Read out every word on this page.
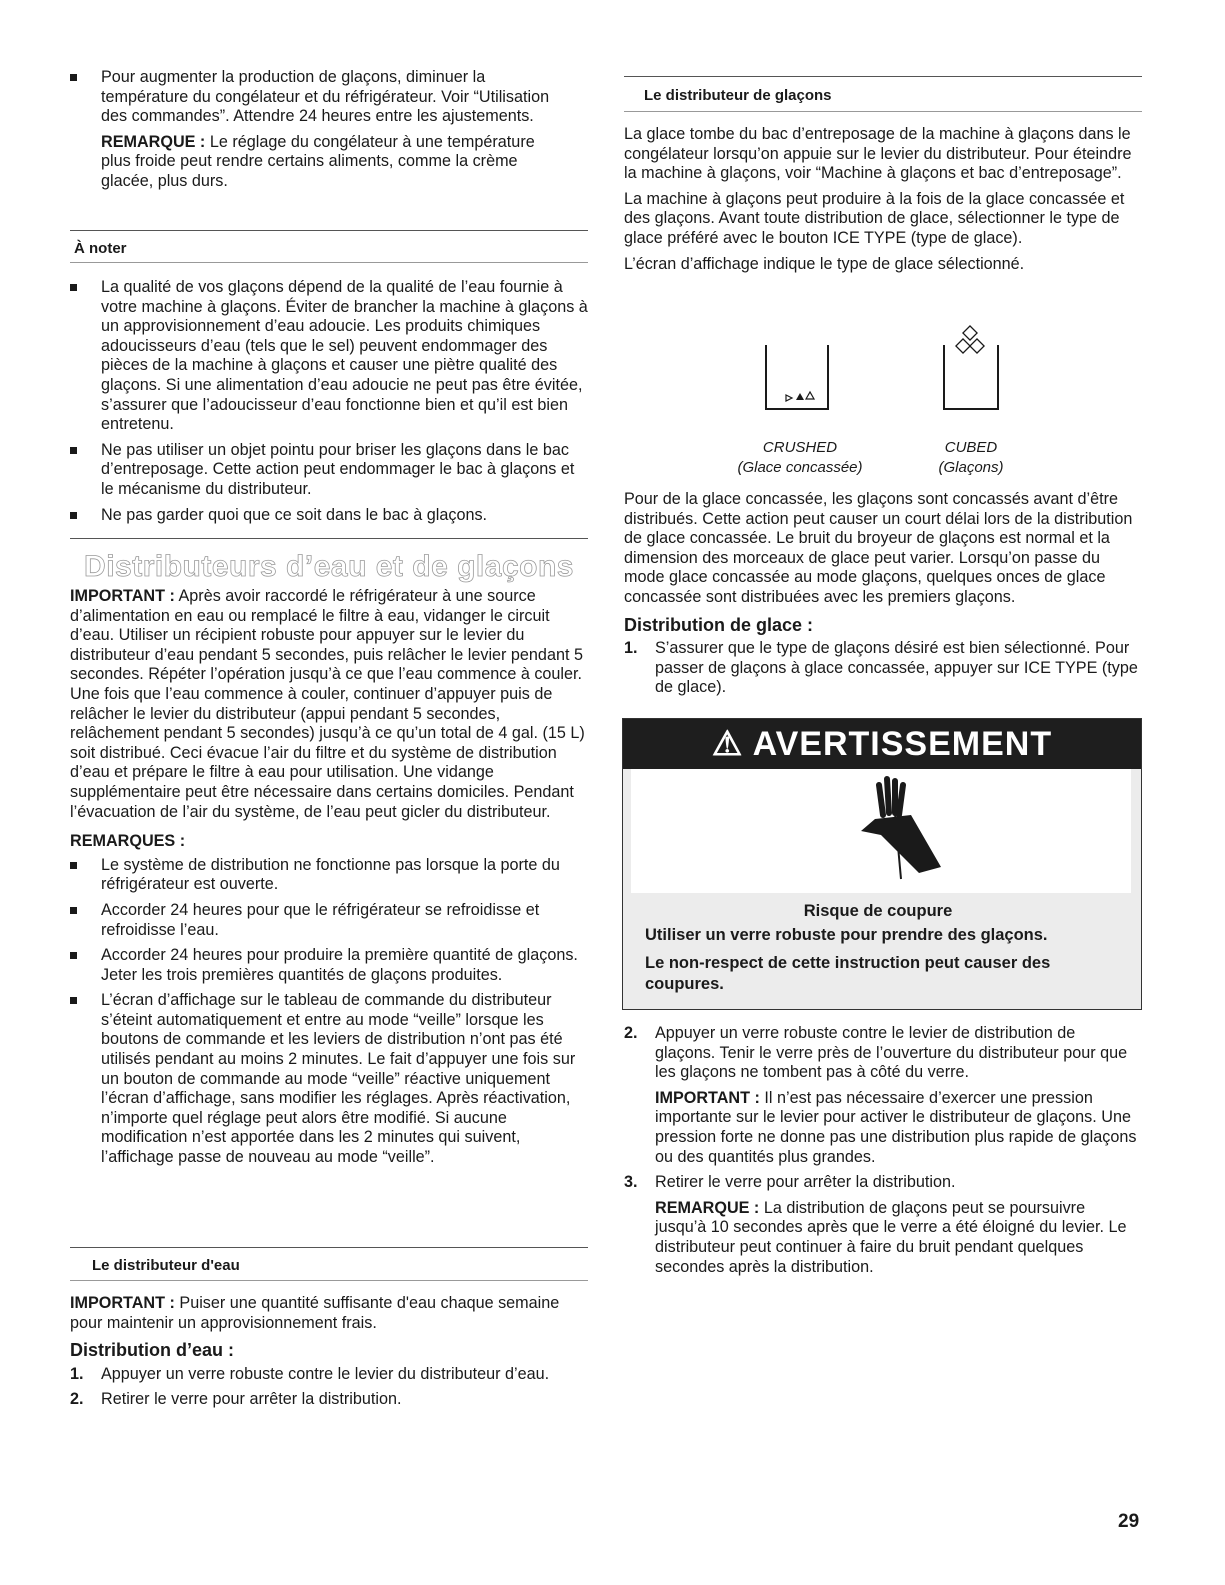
Pour augmenter la production de glaçons, diminuer la température du congélateur et du réfrigérateur. Voir “Utilisation des commandes”. Attendre 24 heures entre les ajustements.

REMARQUE : Le réglage du congélateur à une température plus froide peut rendre certains aliments, comme la crème glacée, plus durs.

À noter

La qualité de vos glaçons dépend de la qualité de l’eau fournie à votre machine à glaçons. Éviter de brancher la machine à glaçons à un approvisionnement d’eau adoucie. Les produits chimiques adoucisseurs d’eau (tels que le sel) peuvent endommager des pièces de la machine à glaçons et causer une piètre qualité des glaçons. Si une alimentation d’eau adoucie ne peut pas être évitée, s’assurer que l’adoucisseur d’eau fonctionne bien et qu’il est bien entretenu.

Ne pas utiliser un objet pointu pour briser les glaçons dans le bac d’entreposage. Cette action peut endommager le bac à glaçons et le mécanisme du distributeur.

Ne pas garder quoi que ce soit dans le bac à glaçons.

Distributeurs d’eau et de glaçons

IMPORTANT : Après avoir raccordé le réfrigérateur à une source d’alimentation en eau ou remplacé le filtre à eau, vidanger le circuit d’eau. Utiliser un récipient robuste pour appuyer sur le levier du distributeur d’eau pendant 5 secondes, puis relâcher le levier pendant 5 secondes. Répéter l’opération jusqu’à ce que l’eau commence à couler. Une fois que l’eau commence à couler, continuer d’appuyer puis de relâcher le levier du distributeur (appui pendant 5 secondes, relâchement pendant 5 secondes) jusqu’à ce qu’un total de 4 gal. (15 L) soit distribué. Ceci évacue l’air du filtre et du système de distribution d’eau et prépare le filtre à eau pour utilisation. Une vidange supplémentaire peut être nécessaire dans certains domiciles. Pendant l’évacuation de l’air du système, de l’eau peut gicler du distributeur.

REMARQUES :

Le système de distribution ne fonctionne pas lorsque la porte du réfrigérateur est ouverte.

Accorder 24 heures pour que le réfrigérateur se refroidisse et refroidisse l’eau.

Accorder 24 heures pour produire la première quantité de glaçons. Jeter les trois premières quantités de glaçons produites.

L’écran d’affichage sur le tableau de commande du distributeur s’éteint automatiquement et entre au mode “veille” lorsque les boutons de commande et les leviers de distribution n’ont pas été utilisés pendant au moins 2 minutes. Le fait d’appuyer une fois sur un bouton de commande au mode “veille” réactive uniquement l’écran d’affichage, sans modifier les réglages. Après réactivation, n’importe quel réglage peut alors être modifié. Si aucune modification n’est apportée dans les 2 minutes qui suivent, l’affichage passe de nouveau au mode “veille”.

Le distributeur d'eau

IMPORTANT : Puiser une quantité suffisante d'eau chaque semaine pour maintenir un approvisionnement frais.

Distribution d’eau :

1. Appuyer un verre robuste contre le levier du distributeur d’eau.
2. Retirer le verre pour arrêter la distribution.
Le distributeur de glaçons

La glace tombe du bac d’entreposage de la machine à glaçons dans le congélateur lorsqu’on appuie sur le levier du distributeur. Pour éteindre la machine à glaçons, voir “Machine à glaçons et bac d’entreposage”.

La machine à glaçons peut produire à la fois de la glace concassée et des glaçons. Avant toute distribution de glace, sélectionner le type de glace préféré avec le bouton ICE TYPE (type de glace).

L’écran d’affichage indique le type de glace sélectionné.

CRUSHED
(Glace concassée)
CUBED
(Glaçons)

Pour de la glace concassée, les glaçons sont concassés avant d’être distribués. Cette action peut causer un court délai lors de la distribution de glace concassée. Le bruit du broyeur de glaçons est normal et la dimension des morceaux de glace peut varier. Lorsqu’on passe du mode glace concassée au mode glaçons, quelques onces de glace concassée sont distribuées avec les premiers glaçons.

Distribution de glace :

1. S’assurer que le type de glaçons désiré est bien sélectionné. Pour passer de glaçons à glace concassée, appuyer sur ICE TYPE (type de glace).
⚠ AVERTISSEMENT
Risque de coupure
Utiliser un verre robuste pour prendre des glaçons.
Le non-respect de cette instruction peut causer des coupures.
2. Appuyer un verre robuste contre le levier de distribution de glaçons. Tenir le verre près de l’ouverture du distributeur pour que les glaçons ne tombent pas à côté du verre.

IMPORTANT : Il n’est pas nécessaire d’exercer une pression importante sur le levier pour activer le distributeur de glaçons. Une pression forte ne donne pas une distribution plus rapide de glaçons ou des quantités plus grandes.

3. Retirer le verre pour arrêter la distribution.

REMARQUE : La distribution de glaçons peut se poursuivre jusqu’à 10 secondes après que le verre a été éloigné du levier. Le distributeur peut continuer à faire du bruit pendant quelques secondes après la distribution.

29
